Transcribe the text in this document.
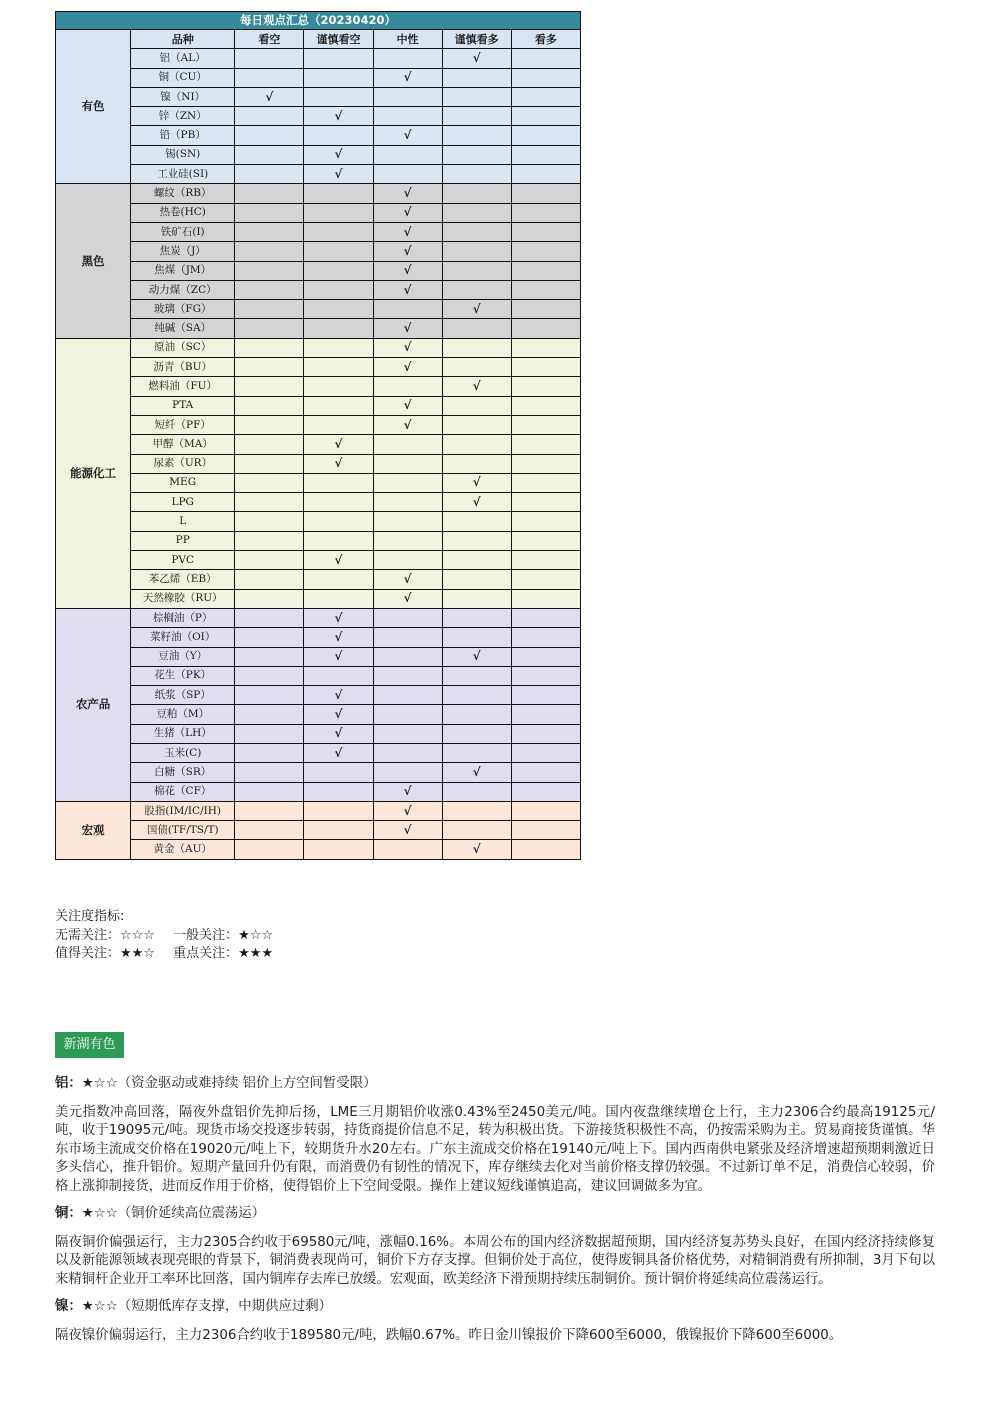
每日观点汇总（20230420）						
有色	品种	看空	谨慎看空	中性	谨慎看多	看多
	铝（AL）				√	
	铜（CU）			√		
	镍（NI）	√				
	锌（ZN）		√			
	铅（PB）			√		
	锡(SN)		√			
	工业硅(SI)		√			
黑色	螺纹（RB）			√		
	热卷(HC)			√		
	铁矿石(I)			√		
	焦炭（J）			√		
	焦煤（JM）			√		
	动力煤（ZC）			√		
	玻璃（FG）				√	
	纯碱（SA）			√		
能源化工	原油（SC）			√		
	沥青（BU）			√		
	燃料油（FU）				√	
	PTA			√		
	短纤（PF）			√		
	甲醇（MA）		√			
	尿素（UR）		√			
	MEG				√	
	LPG				√	
	L					
	PP					
	PVC		√			
	苯乙烯（EB）			√		
	天然橡胶（RU）			√		
农产品	棕榈油（P）		√			
	菜籽油（OI）		√			
	豆油（Y）		√		√	
	花生（PK）					
	纸浆（SP）		√			
	豆粕（M）		√			
	生猪（LH）		√			
	玉米(C)		√			
	白糖（SR）				√	
	棉花（CF）			√		
宏观	股指(IM/IC/IH)			√		
	国债(TF/TS/T)			√		
	黄金（AU）				√	
关注度指标:
无需关注：☆☆☆ 一般关注：★☆☆
值得关注：★★☆ 重点关注：★★★
新湖有色
铝：★☆☆（资金驱动或难持续 铝价上方空间暂受限）
美元指数冲高回落，隔夜外盘铝价先抑后扬，LME三月期铝价收涨0.43%至2450美元/吨。国内夜盘继续增仓上行，主力2306合约最高19125元/吨，收于19095元/吨。现货市场交投逐步转弱，持货商提价信息不足，转为积极出货。下游接货积极性不高，仍按需采购为主。贸易商接货谨慎。华东市场主流成交价格在19020元/吨上下，较期货升水20左右。广东主流成交价格在19140元/吨上下。国内西南供电紧张及经济增速超预期刺激近日多头信心，推升铝价。短期产量回升仍有限，而消费仍有韧性的情况下，库存继续去化对当前价格支撑仍较强。不过新订单不足，消费信心较弱，价格上涨抑制接货，进而反作用于价格，使得铝价上下空间受限。操作上建议短线谨慎追高，建议回调做多为宜。
铜：★☆☆（铜价延续高位震荡运）
隔夜铜价偏强运行，主力2305合约收于69580元/吨，涨幅0.16%。本周公布的国内经济数据超预期，国内经济复苏势头良好，在国内经济持续修复以及新能源领域表现亮眼的背景下，铜消费表现尚可，铜价下方存支撑。但铜价处于高位，使得废铜具备价格优势，对精铜消费有所抑制，3月下旬以来精铜杆企业开工率环比回落，国内铜库存去库已放缓。宏观面，欧美经济下滑预期持续压制铜价。预计铜价将延续高位震荡运行。
镍：★☆☆（短期低库存支撑，中期供应过剩）
隔夜镍价偏弱运行，主力2306合约收于189580元/吨，跌幅0.67%。昨日金川镍报价下降600至6000，俄镍报价下降600至6000。
